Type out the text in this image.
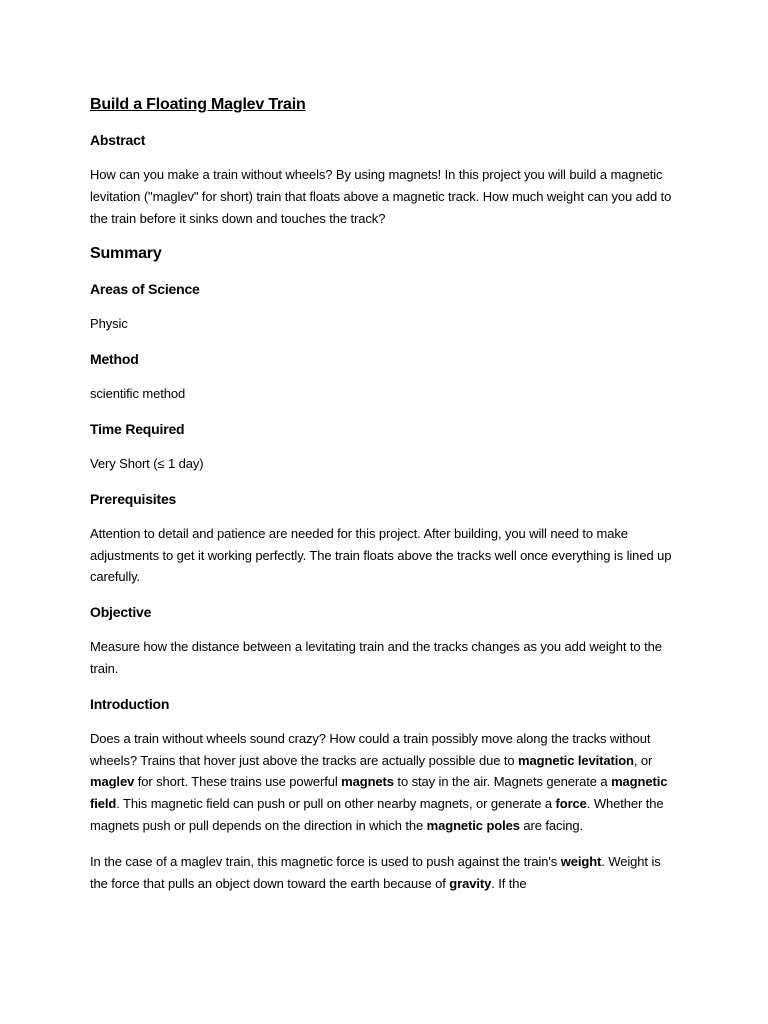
Build a Floating Maglev Train
Abstract

How can you make a train without wheels? By using magnets! In this project you will build a magnetic levitation ("maglev" for short) train that floats above a magnetic track. How much weight can you add to the train before it sinks down and touches the track?

Summary
Areas of Science

Physic

Method

scientific method

Time Required

Very Short (≤ 1 day)

Prerequisites

Attention to detail and patience are needed for this project. After building, you will need to make adjustments to get it working perfectly. The train floats above the tracks well once everything is lined up carefully.

Objective

Measure how the distance between a levitating train and the tracks changes as you add weight to the train.

Introduction

Does a train without wheels sound crazy? How could a train possibly move along the tracks without wheels? Trains that hover just above the tracks are actually possible due to magnetic levitation, or maglev for short. These trains use powerful magnets to stay in the air. Magnets generate a magnetic field. This magnetic field can push or pull on other nearby magnets, or generate a force. Whether the magnets push or pull depends on the direction in which the magnetic poles are facing.

In the case of a maglev train, this magnetic force is used to push against the train's weight. Weight is the force that pulls an object down toward the earth because of gravity. If the
